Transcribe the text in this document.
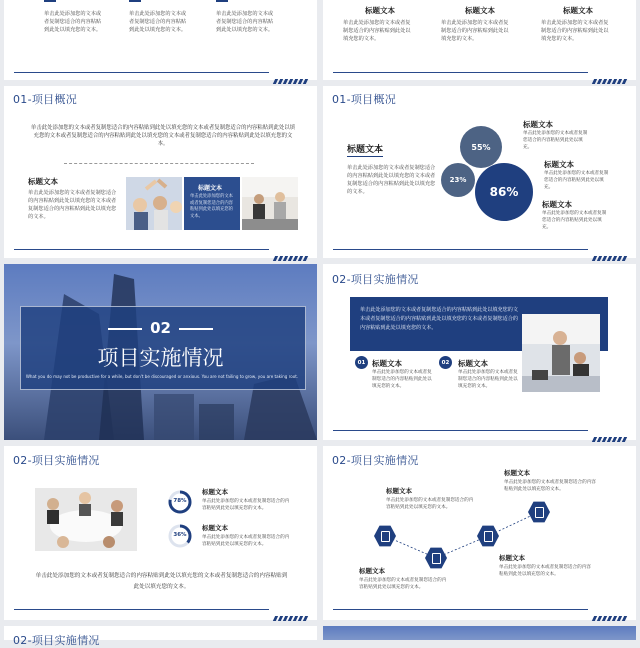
单击此处添加您的文本或者复制您适合的内容粘贴到此处以填充您的文本。
单击此处添加您的文本或者复制您适合的内容粘贴到此处以填充您的文本。
单击此处添加您的文本或者复制您适合的内容粘贴到此处以填充您的文本。
标题文本
单击此处添加您的文本或者复制您适合的内容粘贴到此处以填充您的文本。
标题文本
单击此处添加您的文本或者复制您适合的内容粘贴到此处以填充您的文本。
标题文本
单击此处添加您的文本或者复制您适合的内容粘贴到此处以填充您的文本。
01-项目概况
单击此处添加您的文本或者复制您适合的内容粘贴到此处以填充您的文本或者复制您适合的内容粘贴到此处以填充您的文本或者复制您适合的内容粘贴到此处以填充您的文本或者复制您适合的内容粘贴到此处以填充您的文本。
标题文本
单击此处添加您的文本或者复制您适合的内容粘贴到此处以填充您的文本或者复制您适合的内容粘贴到此处以填充您的文本。
标题文本
单击此处添加您的文本或者复制您适合的内容粘贴到此处以填充您的文本。
01-项目概况
标题文本
单击此处添加您的文本或者复制您适合的内容粘贴到此处以填充您的文本或者复制您适合的内容粘贴到此处以填充您的文本。
55%
23%
86%
标题文本
单击此处添加您的文本或者复制您适合的内容粘贴到此处以填充。
标题文本
单击此处添加您的文本或者复制您适合的内容粘贴到此处以填充。
标题文本
单击此处添加您的文本或者复制您适合的内容粘贴到此处以填充。
02
项目实施情况
What you do may not be productive for a while, but don't be discouraged or anxious. You are not failing to grow, you are taking root.
02-项目实施情况
单击此处添加您的文本或者复制您适合的内容粘贴到此处以填充您的文本或者复制您适合的内容粘贴到此处以填充您的文本或者复制您适合的内容粘贴到此处以填充您的文本。
01 标题文本
单击此处添加您的文本或者复制您适合的内容粘贴到此处以填充您的文本。
02	标题文本
单击此处添加您的文本或者复制您适合的内容粘贴到此处以填充您的文本。
02-项目实施情况
78%
标题文本
单击此处添加您的文本或者复制您适合的内容粘贴到此处以填充您的文本。
36%
标题文本
单击此处添加您的文本或者复制您适合的内容粘贴到此处以填充您的文本。
单击此处添加您的文本或者复制您适合的内容粘贴到此处以填充您的文本或者复制您适合的内容粘贴到此处以填充您的文本。
02-项目实施情况
标题文本
单击此处添加您的文本或者复制您适合的内容粘贴到此处以填充您的文本。
标题文本
单击此处添加您的文本或者复制您适合的内容粘贴到此处以填充您的文本。
标题文本
单击此处添加您的文本或者复制您适合的内容粘贴到此处以填充您的文本。
标题文本
单击此处添加您的文本或者复制您适合的内容粘贴到此处以填充您的文本。
02-项目实施情况
